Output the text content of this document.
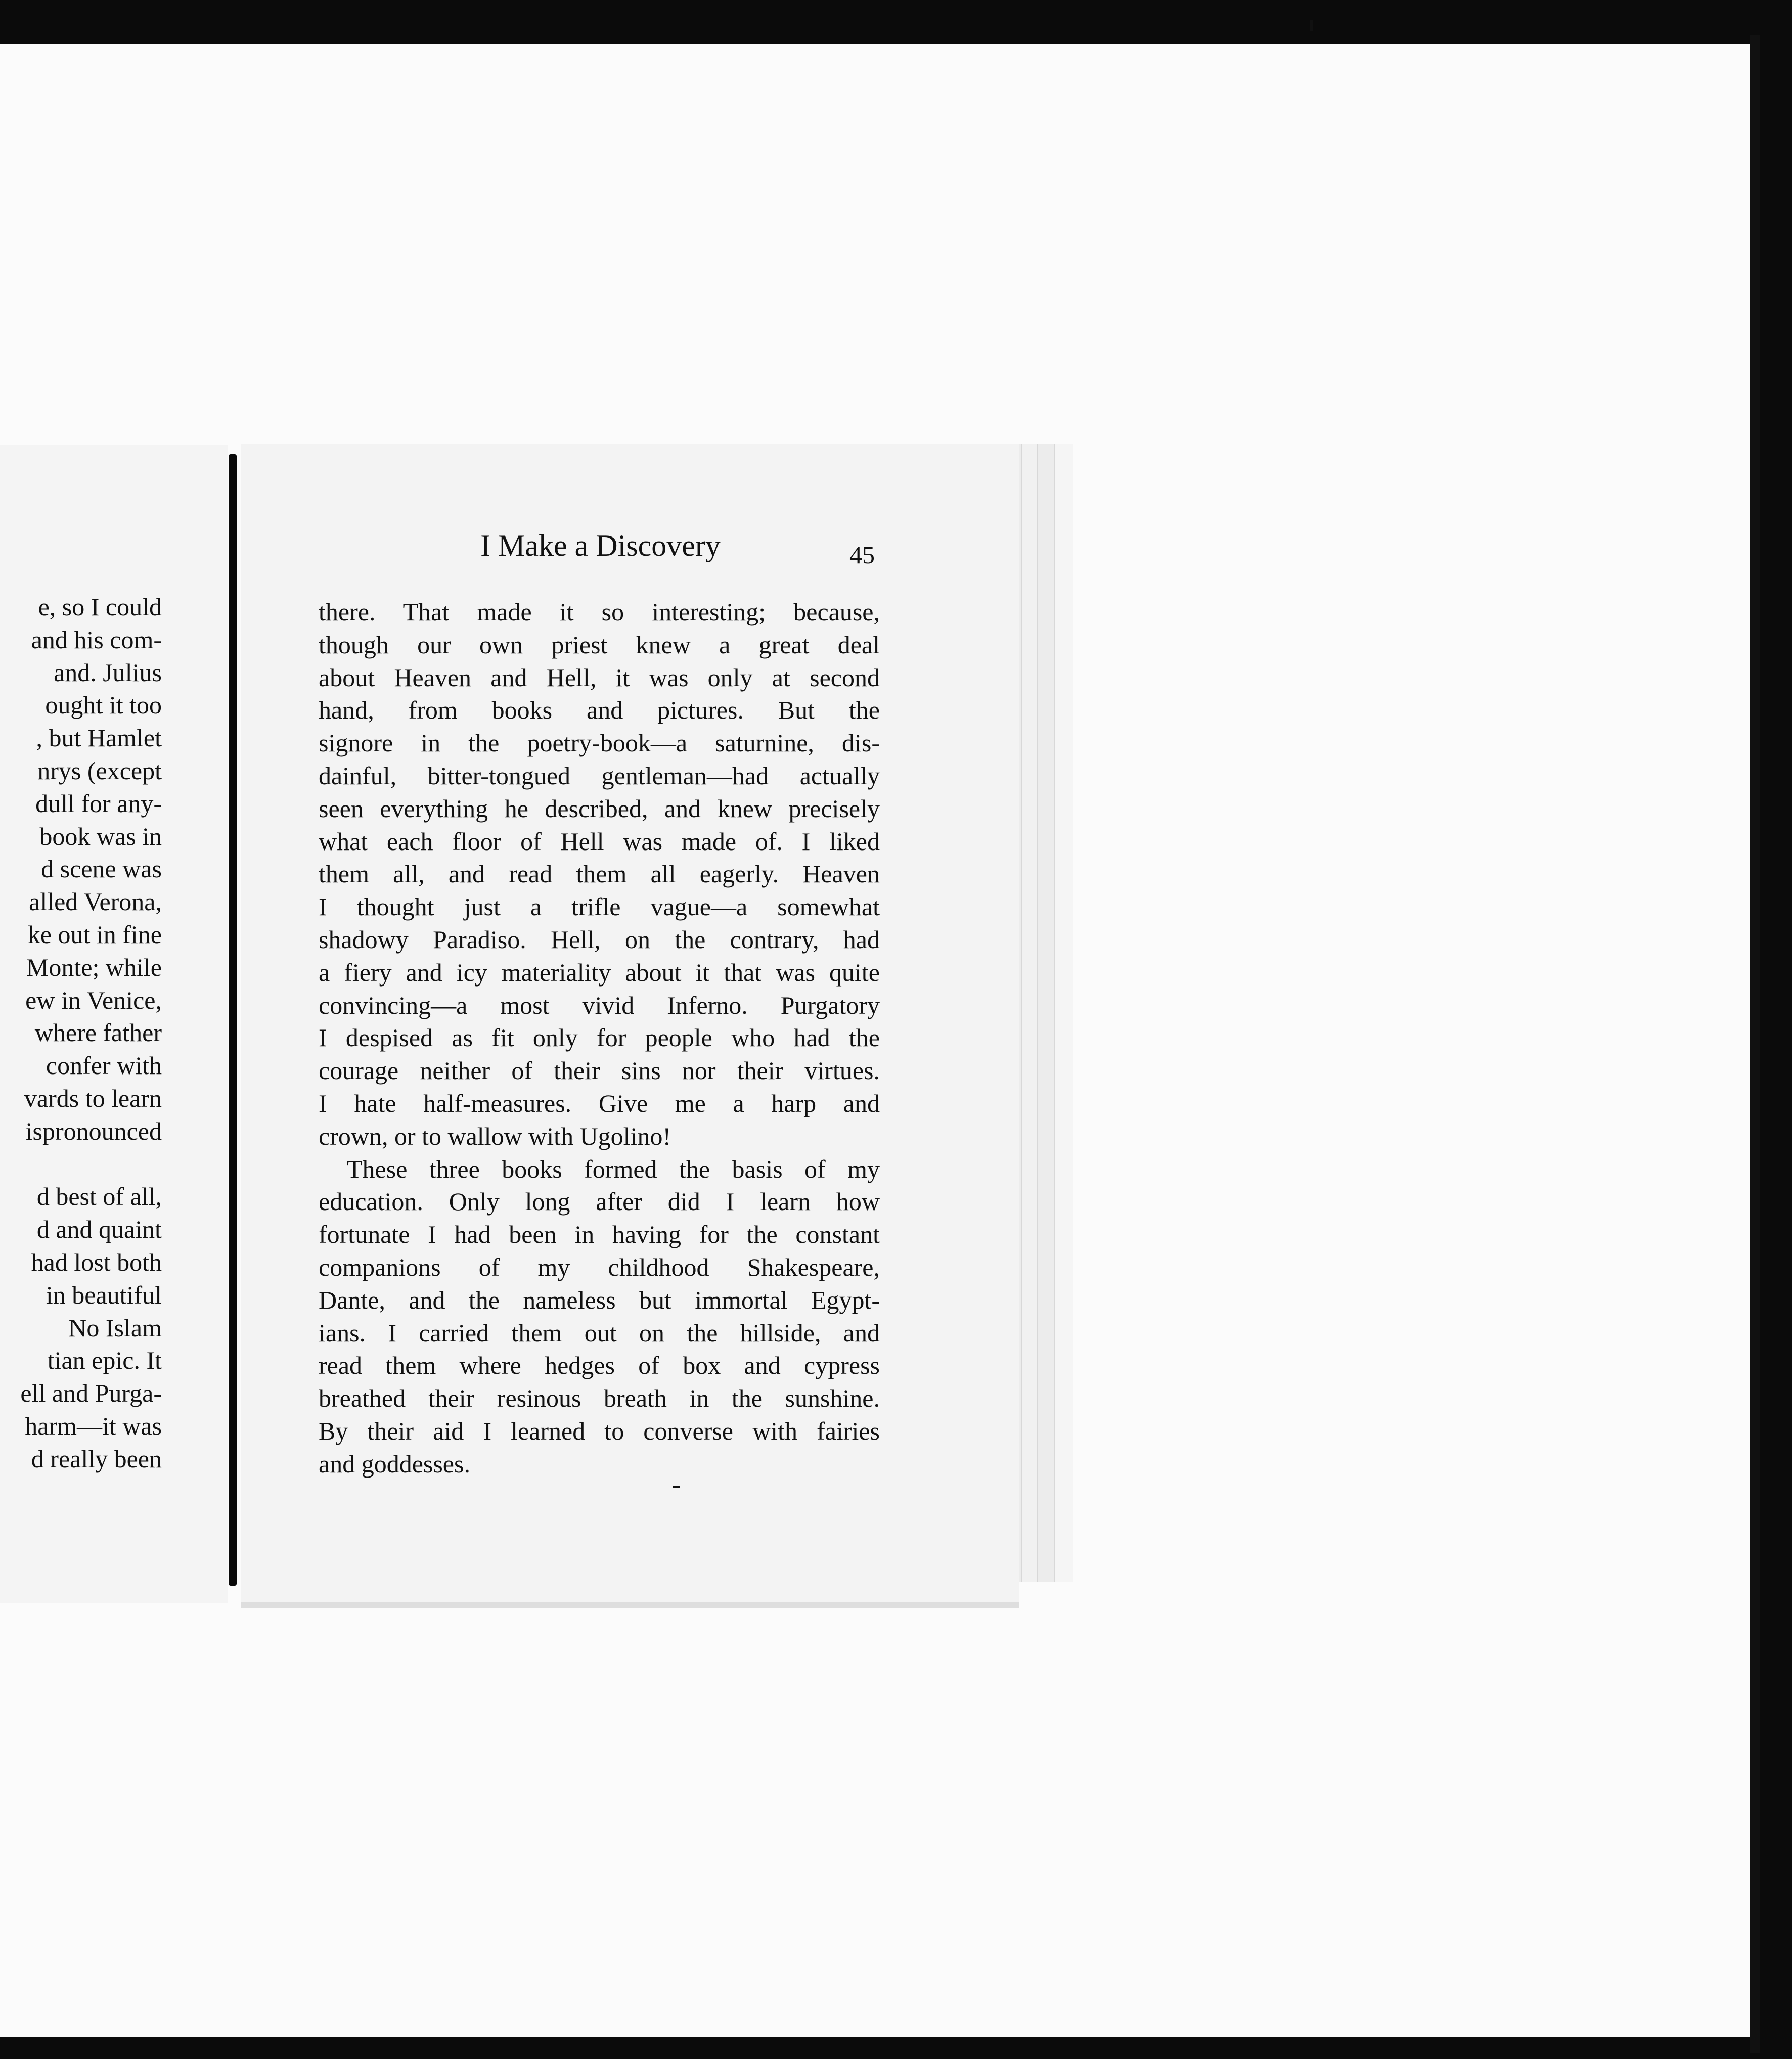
e, so I could
and his com-
and. Julius
ought it too
, but Hamlet
nrys (except
dull for any-
book was in
d scene was
alled Verona,
ke out in fine
Monte; while
ew in Venice,
where father
confer with
vards to learn
ispronounced
d best of all,
d and quaint
had lost both
in beautiful
No Islam
tian epic. It
ell and Purga-
harm—it was
d really been
I Make a Discovery	45
there. That made it so interesting; because,
though our own priest knew a great deal
about Heaven and Hell, it was only at second
hand, from books and pictures. But the
signore in the poetry-book—a saturnine, dis-
dainful, bitter-tongued gentleman—had actually
seen everything he described, and knew precisely
what each floor of Hell was made of. I liked
them all, and read them all eagerly. Heaven
I thought just a trifle vague—a somewhat
shadowy Paradiso. Hell, on the contrary, had
a fiery and icy materiality about it that was quite
convincing—a most vivid Inferno. Purgatory
I despised as fit only for people who had the
courage neither of their sins nor their virtues.
I hate half-measures. Give me a harp and
crown, or to wallow with Ugolino!
These three books formed the basis of my
education. Only long after did I learn how
fortunate I had been in having for the constant
companions of my childhood Shakespeare,
Dante, and the nameless but immortal Egypt-
ians. I carried them out on the hillside, and
read them where hedges of box and cypress
breathed their resinous breath in the sunshine.
By their aid I learned to converse with fairies
and goddesses.
